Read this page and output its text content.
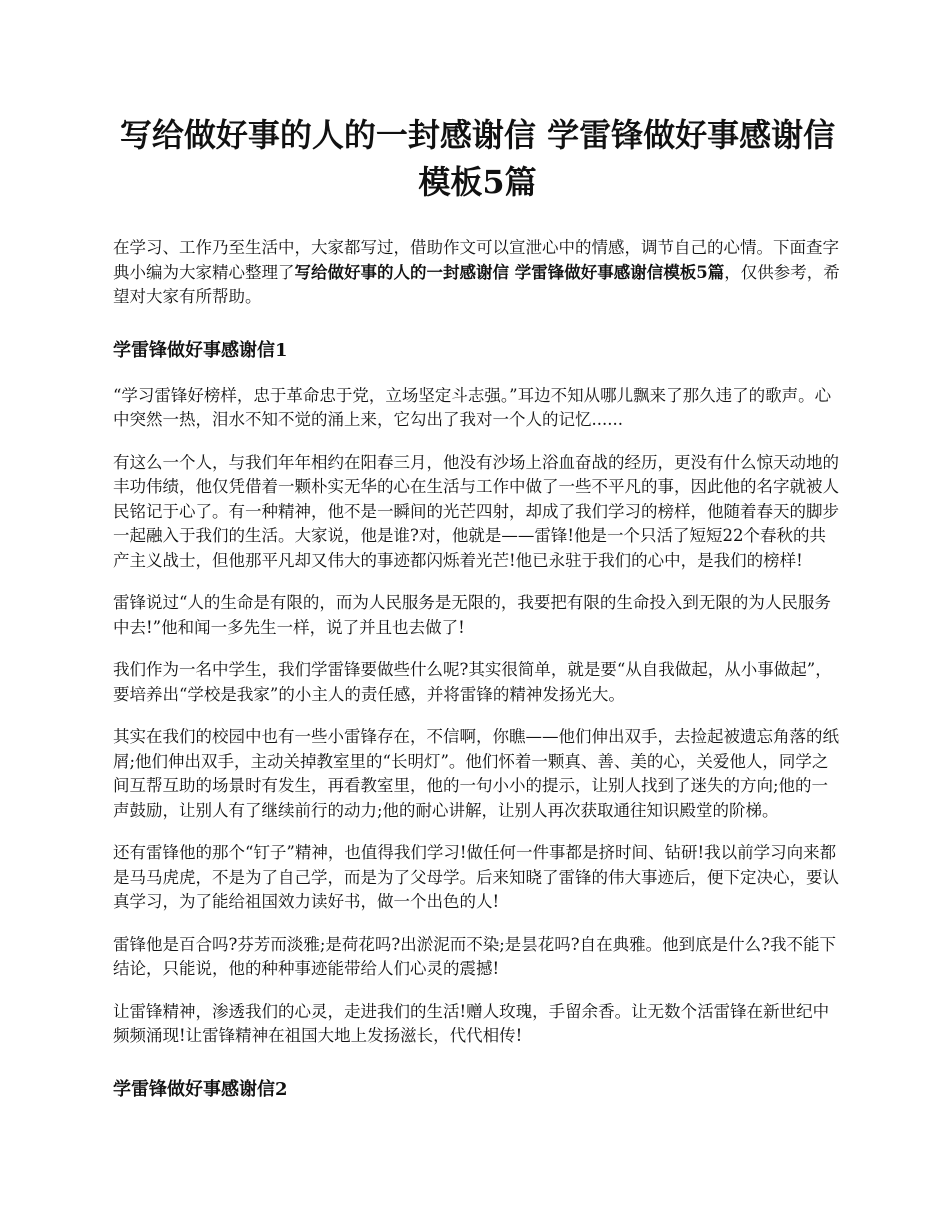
写给做好事的人的一封感谢信 学雷锋做好事感谢信模板5篇

在学习、工作乃至生活中，大家都写过，借助作文可以宣泄心中的情感，调节自己的心情。下面查字典小编为大家精心整理了写给做好事的人的一封感谢信 学雷锋做好事感谢信模板5篇，仅供参考，希望对大家有所帮助。

学雷锋做好事感谢信1

“学习雷锋好榜样，忠于革命忠于党，立场坚定斗志强。”耳边不知从哪儿飘来了那久违了的歌声。心中突然一热，泪水不知不觉的涌上来，它勾出了我对一个人的记忆......

有这么一个人，与我们年年相约在阳春三月，他没有沙场上浴血奋战的经历，更没有什么惊天动地的丰功伟绩，他仅凭借着一颗朴实无华的心在生活与工作中做了一些不平凡的事，因此他的名字就被人民铭记于心了。有一种精神，他不是一瞬间的光芒四射，却成了我们学习的榜样，他随着春天的脚步一起融入于我们的生活。大家说，他是谁?对，他就是——雷锋!他是一个只活了短短22个春秋的共产主义战士，但他那平凡却又伟大的事迹都闪烁着光芒!他已永驻于我们的心中，是我们的榜样!

雷锋说过“人的生命是有限的，而为人民服务是无限的，我要把有限的生命投入到无限的为人民服务中去!”他和闻一多先生一样，说了并且也去做了!

我们作为一名中学生，我们学雷锋要做些什么呢?其实很简单，就是要“从自我做起，从小事做起”，要培养出“学校是我家”的小主人的责任感，并将雷锋的精神发扬光大。

其实在我们的校园中也有一些小雷锋存在，不信啊，你瞧——他们伸出双手，去捡起被遗忘角落的纸屑;他们伸出双手，主动关掉教室里的“长明灯”。他们怀着一颗真、善、美的心，关爱他人，同学之间互帮互助的场景时有发生，再看教室里，他的一句小小的提示，让别人找到了迷失的方向;他的一声鼓励，让别人有了继续前行的动力;他的耐心讲解，让别人再次获取通往知识殿堂的阶梯。

还有雷锋他的那个“钉子”精神，也值得我们学习!做任何一件事都是挤时间、钻研!我以前学习向来都是马马虎虎，不是为了自己学，而是为了父母学。后来知晓了雷锋的伟大事迹后，便下定决心，要认真学习，为了能给祖国效力读好书，做一个出色的人!

雷锋他是百合吗?芬芳而淡雅;是荷花吗?出淤泥而不染;是昙花吗?自在典雅。他到底是什么?我不能下结论，只能说，他的种种事迹能带给人们心灵的震撼!

让雷锋精神，渗透我们的心灵，走进我们的生活!赠人玫瑰，手留余香。让无数个活雷锋在新世纪中频频涌现!让雷锋精神在祖国大地上发扬滋长，代代相传!

学雷锋做好事感谢信2
